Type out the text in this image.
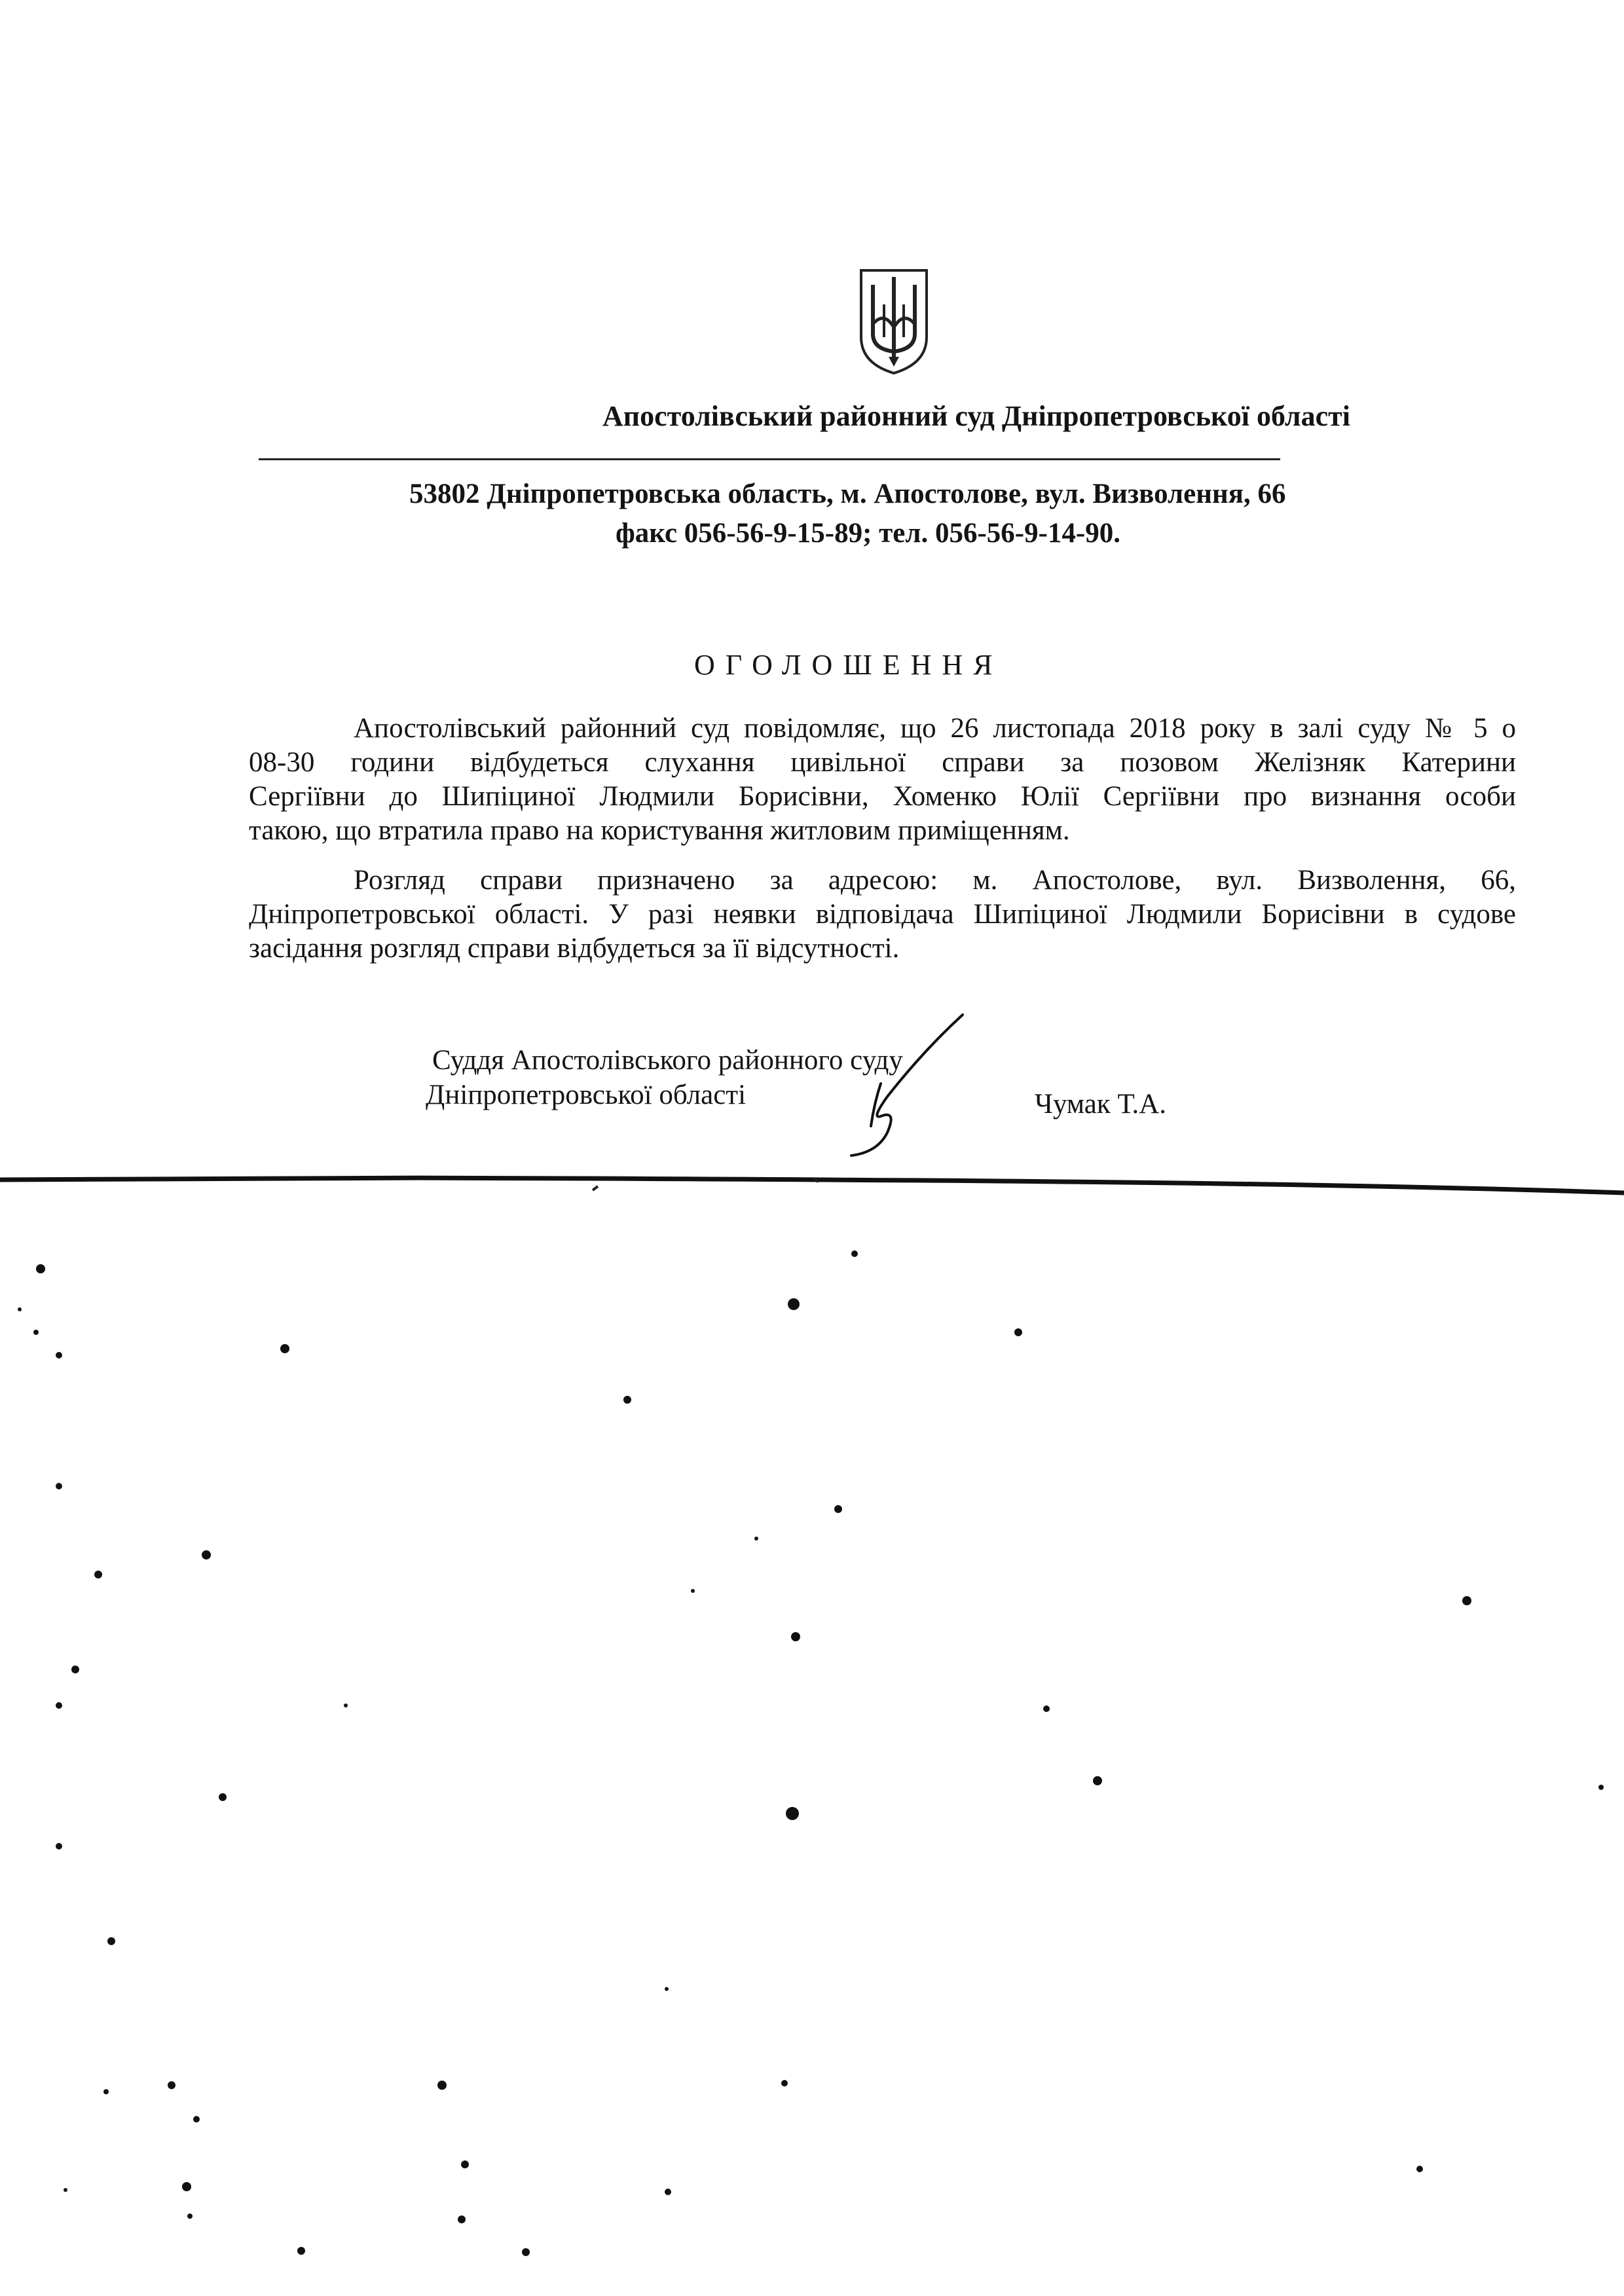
Апостолівський районний суд Дніпропетровської області
53802 Дніпропетровська область, м. Апостолове, вул. Визволення, 66
факс 056-56-9-15-89; тел. 056-56-9-14-90.
ОГОЛОШЕННЯ
Апостолівський районний суд повідомляє, що 26 листопада 2018 року в залі суду № 5 о
08-30 години відбудеться слухання цивільної справи за позовом Желізняк Катерини
Сергіївни до Шипіциної Людмили Борисівни, Хоменко Юлії Сергіївни про визнання особи
такою, що втратила право на користування житловим приміщенням.
Розгляд справи призначено за адресою: м. Апостолове, вул. Визволення, 66,
Дніпропетровської області. У разі неявки відповідача Шипіциної Людмили Борисівни в судове
засідання розгляд справи відбудеться за її відсутності.
Суддя Апостолівського районного суду
Дніпропетровської області	Чумак Т.А.
